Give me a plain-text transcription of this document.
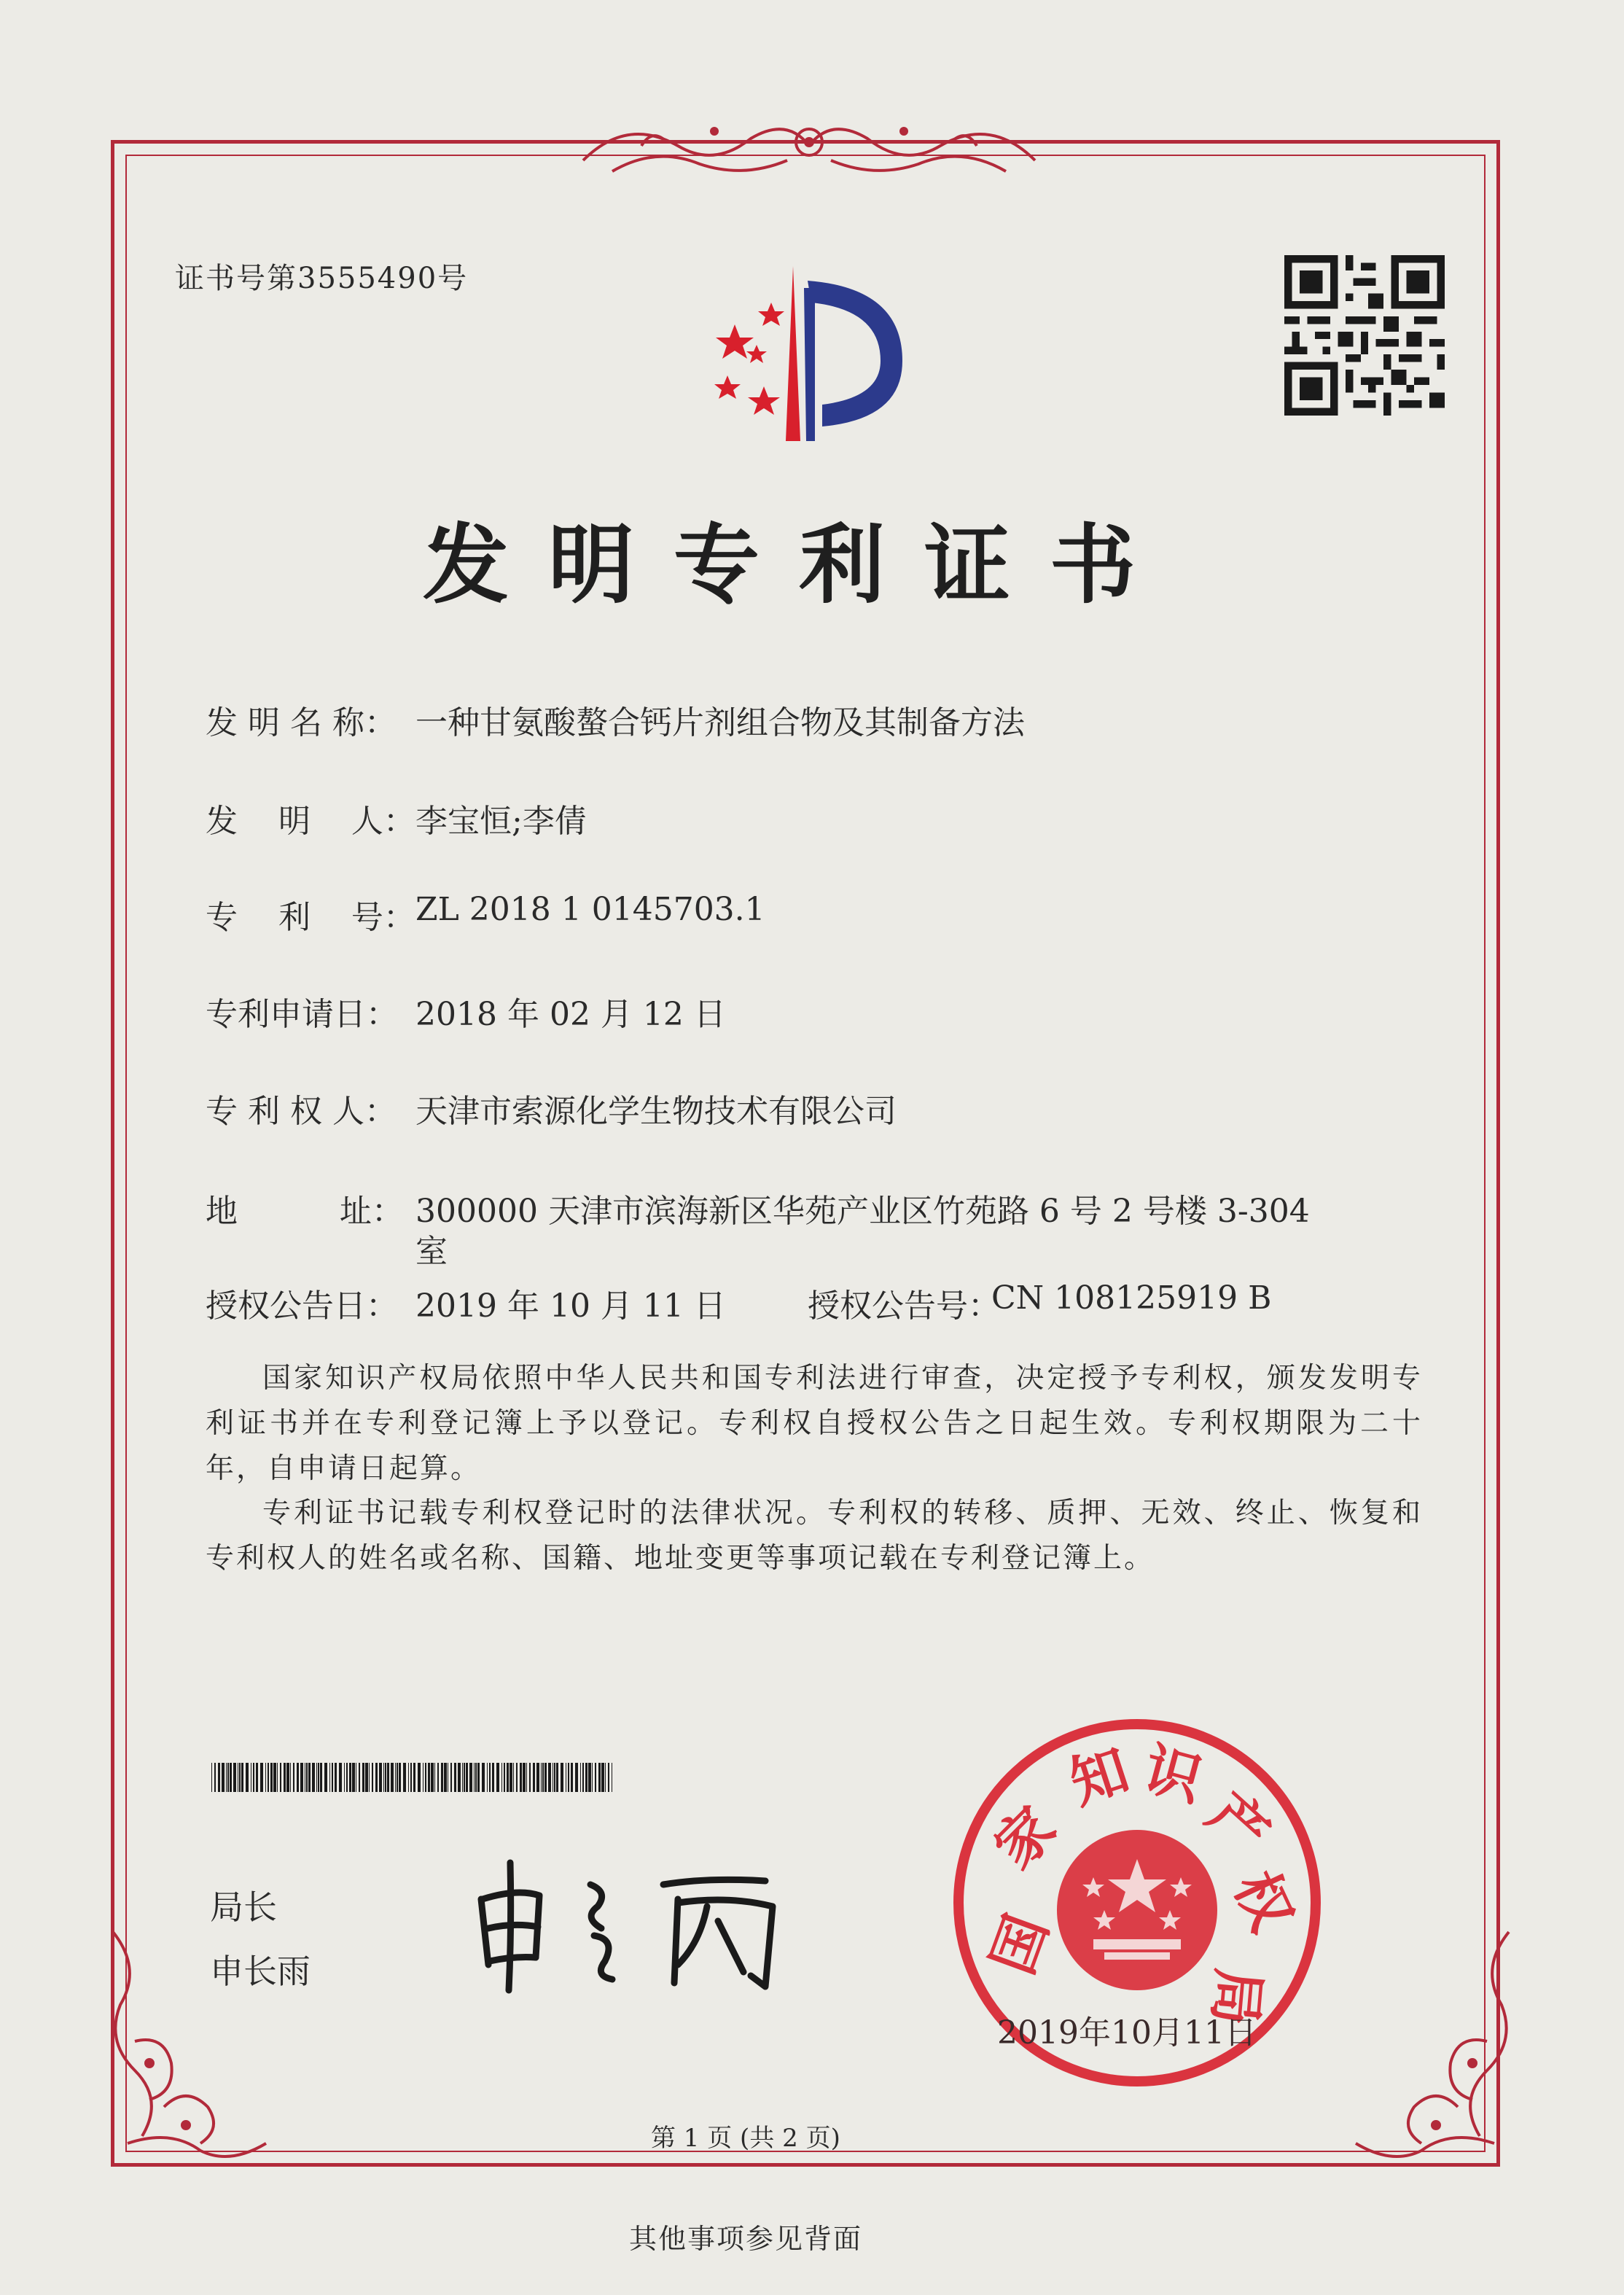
证书号第3555490号
发明专利证书
发 明 名 称： 一种甘氨酸螯合钙片剂组合物及其制备方法
发    明    人： 李宝恒;李倩
专    利    号： ZL 2018 1 0145703.1
专利申请日： 2018 年 02 月 12 日
专 利 权 人： 天津市索源化学生物技术有限公司
地          址： 300000 天津市滨海新区华苑产业区竹苑路 6 号 2 号楼 3-304
室
授权公告日： 2019 年 10 月 11 日	授权公告号：
CN 108125919 B
国家知识产权局依照中华人民共和国专利法进行审查，决定授予专利权，颁发发明专利证书并在专利登记簿上予以登记。专利权自授权公告之日起生效。专利权期限为二十年，自申请日起算。
专利证书记载专利权登记时的法律状况。专利权的转移、质押、无效、终止、恢复和专利权人的姓名或名称、国籍、地址变更等事项记载在专利登记簿上。
局长
申长雨	国
家
知 识
产
权
局
2019年10月11日
第 1 页 (共 2 页)
其他事项参见背面
